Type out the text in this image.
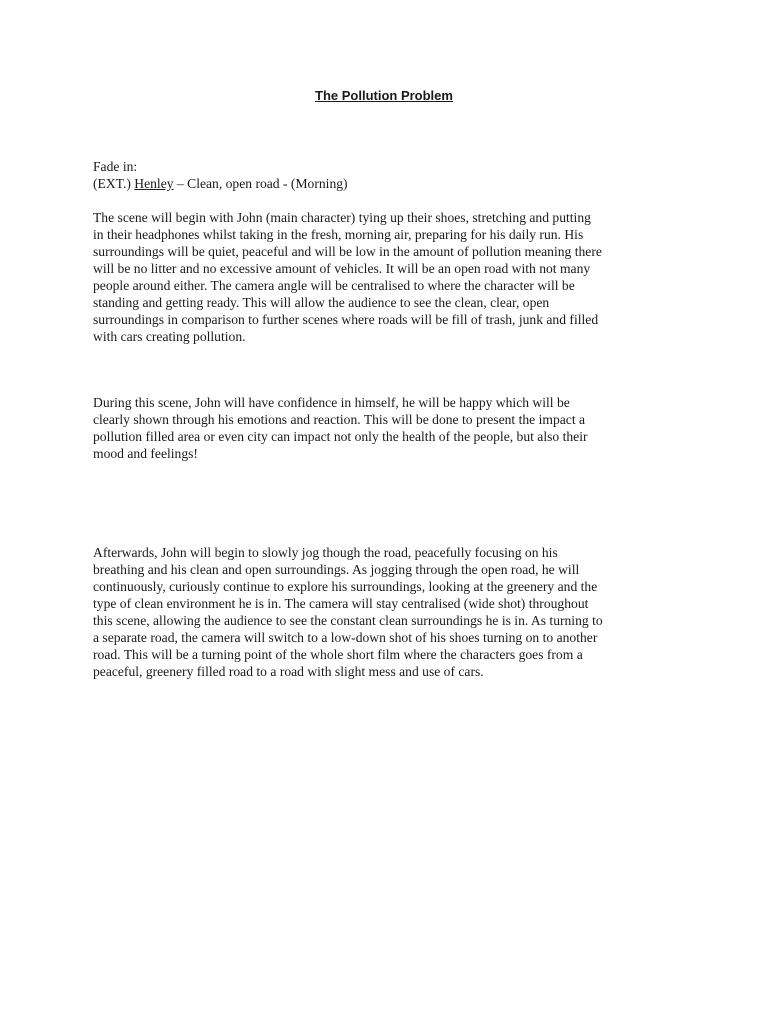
The Pollution Problem
Fade in:
(EXT.) Henley – Clean, open road - (Morning)
The scene will begin with John (main character) tying up their shoes, stretching and putting
in their headphones whilst taking in the fresh, morning air, preparing for his daily run. His
surroundings will be quiet, peaceful and will be low in the amount of pollution meaning there
will be no litter and no excessive amount of vehicles. It will be an open road with not many
people around either. The camera angle will be centralised to where the character will be
standing and getting ready. This will allow the audience to see the clean, clear, open
surroundings in comparison to further scenes where roads will be fill of trash, junk and filled
with cars creating pollution.
During this scene, John will have confidence in himself, he will be happy which will be
clearly shown through his emotions and reaction. This will be done to present the impact a
pollution filled area or even city can impact not only the health of the people, but also their
mood and feelings!
Afterwards, John will begin to slowly jog though the road, peacefully focusing on his
breathing and his clean and open surroundings. As jogging through the open road, he will
continuously, curiously continue to explore his surroundings, looking at the greenery and the
type of clean environment he is in. The camera will stay centralised (wide shot) throughout
this scene, allowing the audience to see the constant clean surroundings he is in. As turning to
a separate road, the camera will switch to a low-down shot of his shoes turning on to another
road. This will be a turning point of the whole short film where the characters goes from a
peaceful, greenery filled road to a road with slight mess and use of cars.
